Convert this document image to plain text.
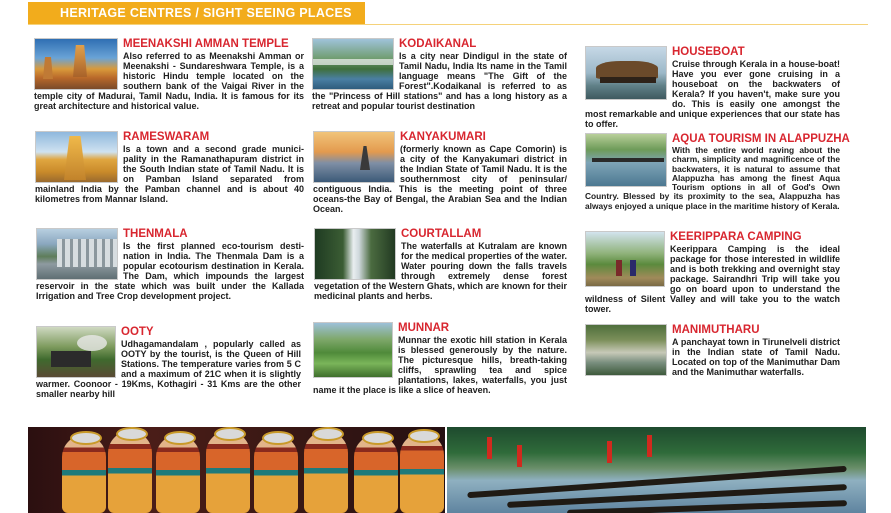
HERITAGE CENTRES / SIGHT SEEING PLACES
MEENAKSHI AMMAN TEMPLE

Also referred to as Meenakshi Amman or Meenakshi - Sundareshwara Temple, is a historic Hindu temple located on the southern bank of the Vaigai River in the temple city of Madurai, Tamil Nadu, India. It is famous for its great architecture and historical value.

RAMESWARAM

Is a town and a second grade munici-pality in the Ramanathapuram district in the South Indian state of Tamil Nadu. It is on Pamban Island separated from mainland India by the Pamban channel and is about 40 kilometres from Mannar Island.

THENMALA

Is the first planned eco-tourism desti-nation in India. The Thenmala Dam is a popular ecotourism destination in Kerala. The Dam, which impounds the largest reservoir in the state which was built under the Kallada Irrigation and Tree Crop development project.

OOTY

Udhagamandalam , popularly called as OOTY by the tourist, is the Queen of Hill Stations. The temperature varies from 5 C and a maximum of 21C when it is slightly warmer. Coonoor - 19Kms, Kothagiri - 31 Kms are the other smaller nearby hill

KODAIKANAL

Is a city near Dindigul in the state of Tamil Nadu, India Its name in the Tamil language means "The Gift of the Forest".Kodaikanal is referred to as the "Princess of Hill stations" and has a long history as a retreat and popular tourist destination

KANYAKUMARI

(formerly known as Cape Comorin) is a city of the Kanyakumari district in the Indian State of Tamil Nadu. It is the southernmost city of peninsular/ contiguous India. This is the meeting point of three oceans-the Bay of Bengal, the Arabian Sea and the Indian Ocean.

COURTALLAM

The waterfalls at Kutralam are known for the medical properties of the water. Water pouring down the falls travels through extremely dense forest vegetation of the Western Ghats, which are known for their medicinal plants and herbs.

MUNNAR

Munnar the exotic hill station in Kerala is blessed generously by the nature. The picturesque hills, breath-taking cliffs, sprawling tea and spice plantations, lakes, waterfalls, you just name it the place is like a slice of heaven.

HOUSEBOAT

Cruise through Kerala in a house-boat! Have you ever gone cruising in a houseboat on the backwaters of Kerala? If you haven't, make sure you do. This is easily one amongst the most remarkable and unique experiences that our state has to offer.

AQUA TOURISM IN ALAPPUZHA

With the entire world raving about the charm, simplicity and magnificence of the backwaters, it is natural to assume that Alappuzha has among the finest Aqua Tourism options in all of God's Own Country. Blessed by its proximity to the sea, Alappuzha has always enjoyed a unique place in the maritime history of Kerala.

KEERIPPARA CAMPING

Keerippara Camping is the ideal package for those interested in wildlife and is both trekking and overnight stay package. Sairandhri Trip will take you go on board upon to understand the wildness of Silent Valley and will take you to the watch tower.

MANIMUTHARU

A panchayat town in Tirunelveli district in the Indian state of Tamil Nadu. Located on top of the Manimuthar Dam and the Manimuthar waterfalls.
